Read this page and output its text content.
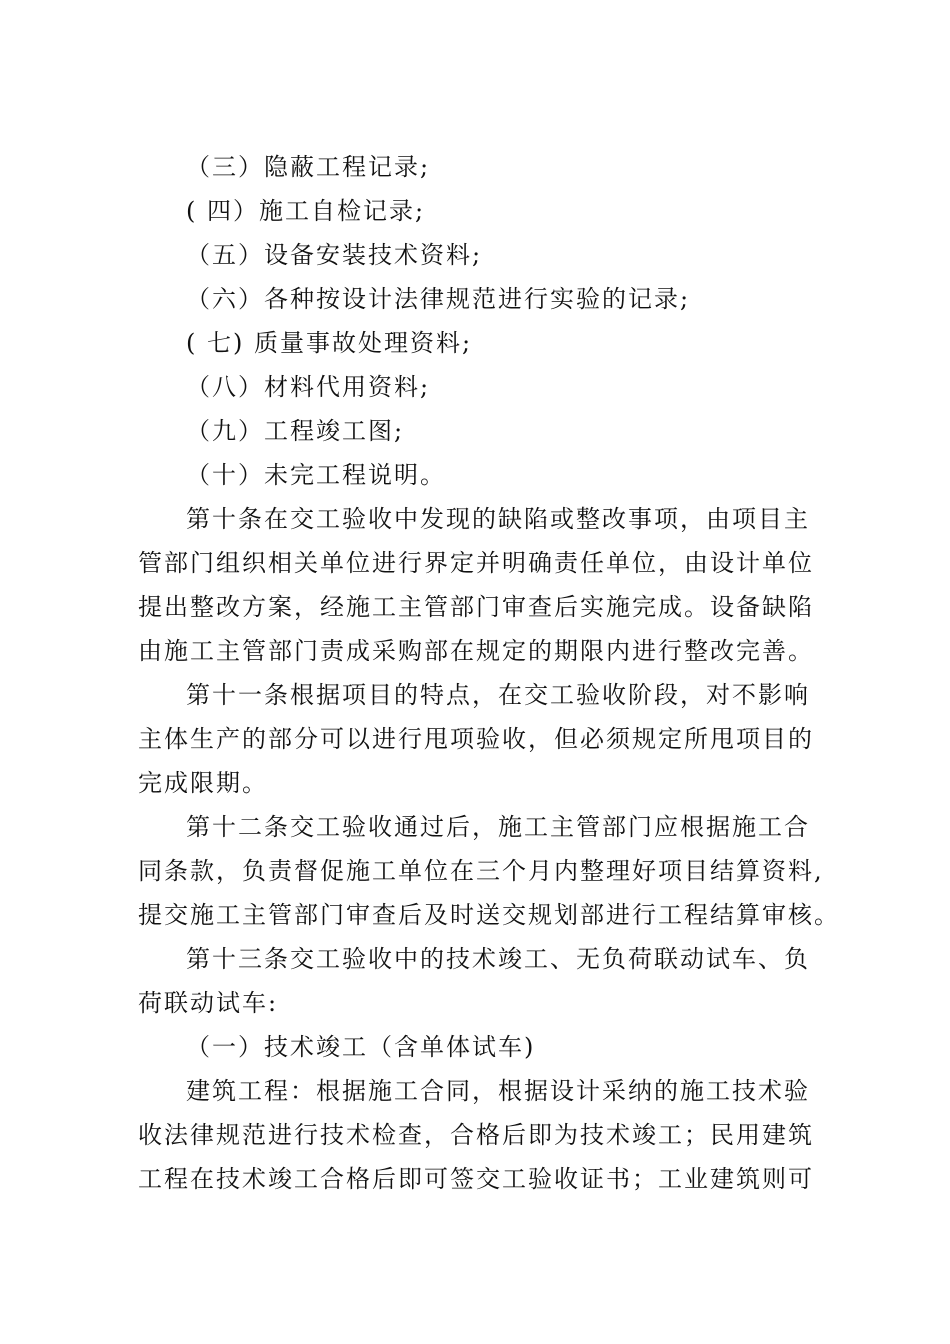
（三）隐蔽工程记录;
( 四）施工自检记录;
（五）设备安装技术资料;
（六）各种按设计法律规范进行实验的记录;
( 七) 质量事故处理资料;
（八）材料代用资料;
（九）工程竣工图;
（十）未完工程说明。
第十条在交工验收中发现的缺陷或整改事项，由项目主
管部门组织相关单位进行界定并明确责任单位，由设计单位
提出整改方案，经施工主管部门审查后实施完成。设备缺陷
由施工主管部门责成采购部在规定的期限内进行整改完善。
第十一条根据项目的特点，在交工验收阶段，对不影响
主体生产的部分可以进行甩项验收，但必须规定所甩项目的
完成限期。
第十二条交工验收通过后，施工主管部门应根据施工合
同条款，负责督促施工单位在三个月内整理好项目结算资料,
提交施工主管部门审查后及时送交规划部进行工程结算审核。
第十三条交工验收中的技术竣工、无负荷联动试车、负
荷联动试车:
（一）技术竣工（含单体试车)
建筑工程：根据施工合同，根据设计采纳的施工技术验
收法律规范进行技术检查，合格后即为技术竣工；民用建筑
工程在技术竣工合格后即可签交工验收证书；工业建筑则可
